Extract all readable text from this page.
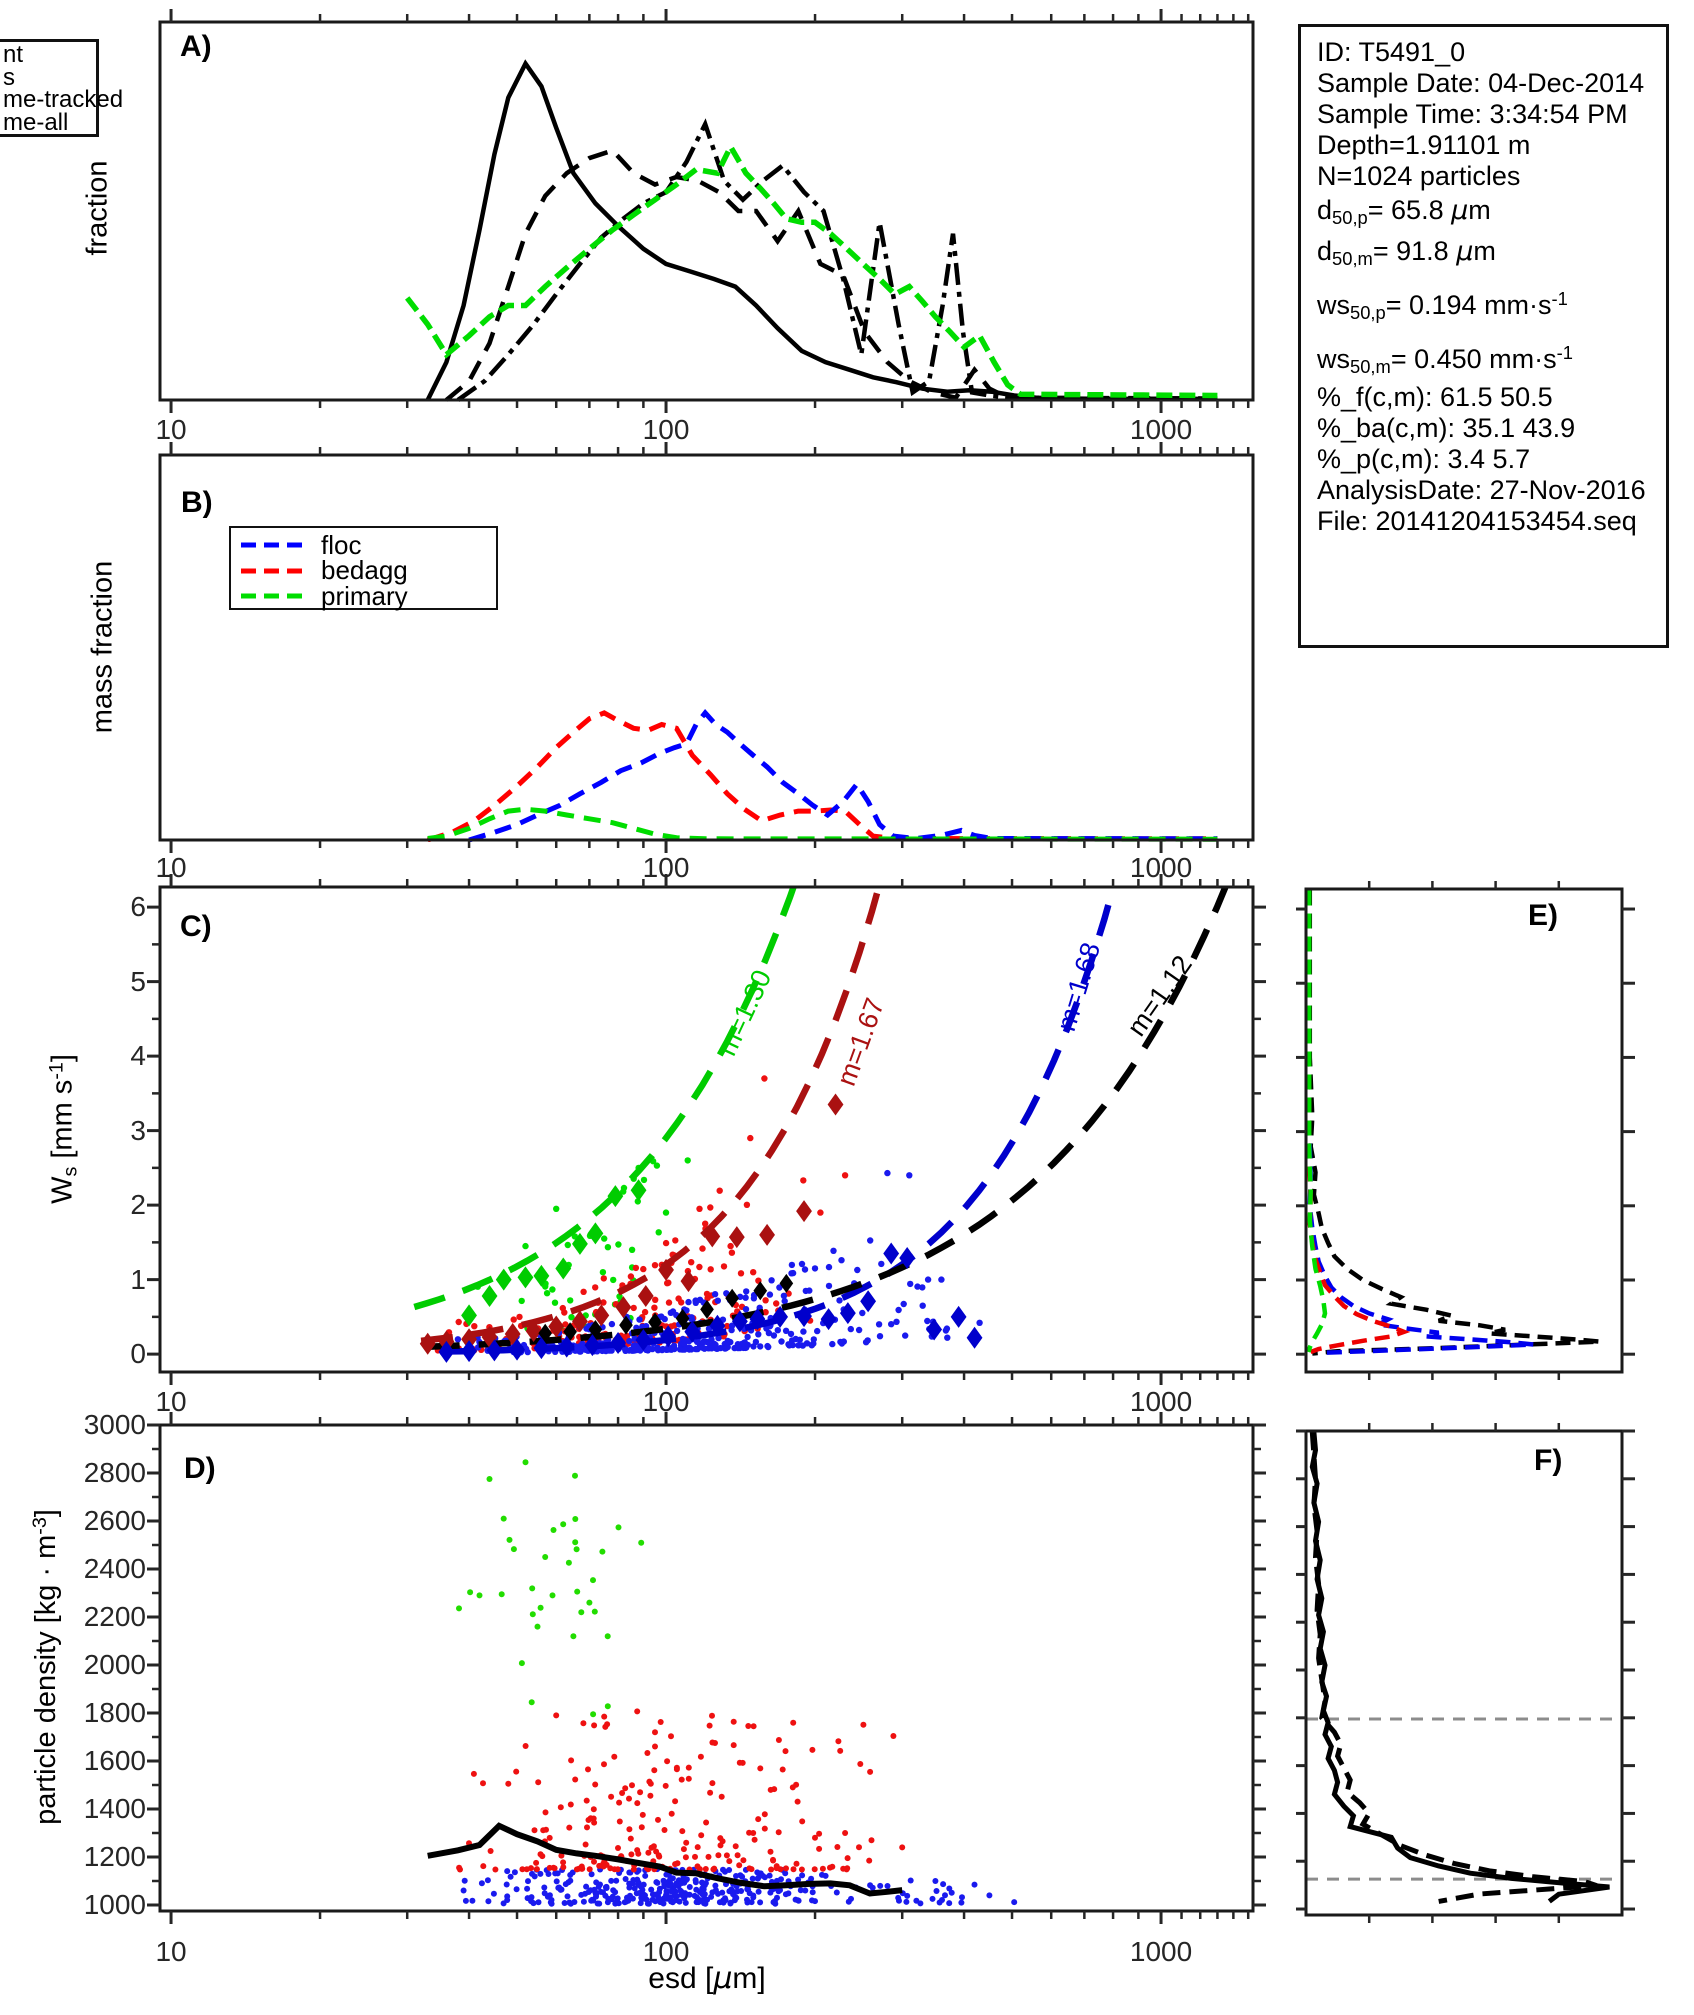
A)
B)
C)
D)
E)
F)
fraction
mass fraction
$W_s$ [mm $s^{-1}$]
particle density $[kg \cdot m^{-3}]$
esd [μm]
m=1.30 m=1.67
m=1.68 m=1.12
10	100	1000
10	100	1000
10	100	1000
10	100	1000
6
5
4
3
2
1
0
3000
2800
2600
2400
2200
2000
1800
1600
1400
1200
1000
nt
s
me-tracked
me-all
floc
bedagg
primary
ID: T5491_0
Sample Date: 04-Dec-2014
Sample Time: 3:34:54 PM
Depth=1.91101 m
N=1024 particles
$d_{50,p}= 65.8$ μm
$d_{50,m}= 91.8$ μm
$ws_{50,p}= 0.194$ $mm\cdot s^{-1}$
$ws_{50,m}= 0.450$ $mm\cdot s^{-1}$
%_f(c,m): 61.5 50.5
%_ba(c,m): 35.1 43.9
%_p(c,m): 3.4 5.7
AnalysisDate: 27-Nov-2016
File: 20141204153454.seq
